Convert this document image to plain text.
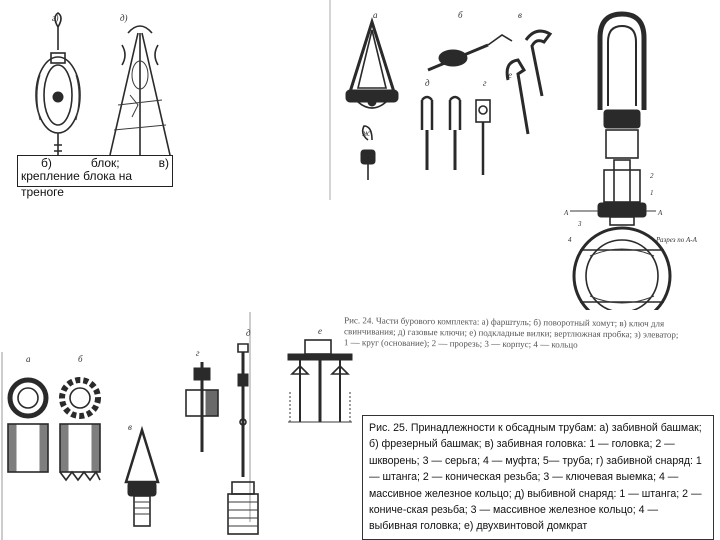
г)	д)
б)	блок;	в)
крепление блока на
треноге
а	б	в
г
д
е
ж
2
1
А	А
3
4	Разрез по А-А
Рис. 24. Части бурового комплекта: а) фарштуль; б) поворотный хомут; в) ключ для свинчивания; д) газовые ключи; е) подкладные вилки; вертлюжная пробка; з) элеватор; 1 — круг (основание); 2 — прорезь; 3 — корпус; 4 — кольцо
а	б
в
г
д	е
Рис. 25. Принадлежности к обсадным трубам: а) забивной башмак; б) фрезерный башмак; в) забивная головка: 1 — головка; 2 — шкворень; 3 — серьга; 4 — муфта; 5— труба; г) забивной снаряд: 1— штанга; 2 — коническая резьба; 3 — ключевая выемка; 4 — массивное железное кольцо; д) выбивной снаряд: 1 — штанга; 2 — кониче-ская резьба; 3 — массивное железное кольцо; 4 — выбивная головка; е) двухвинтовой домкрат
